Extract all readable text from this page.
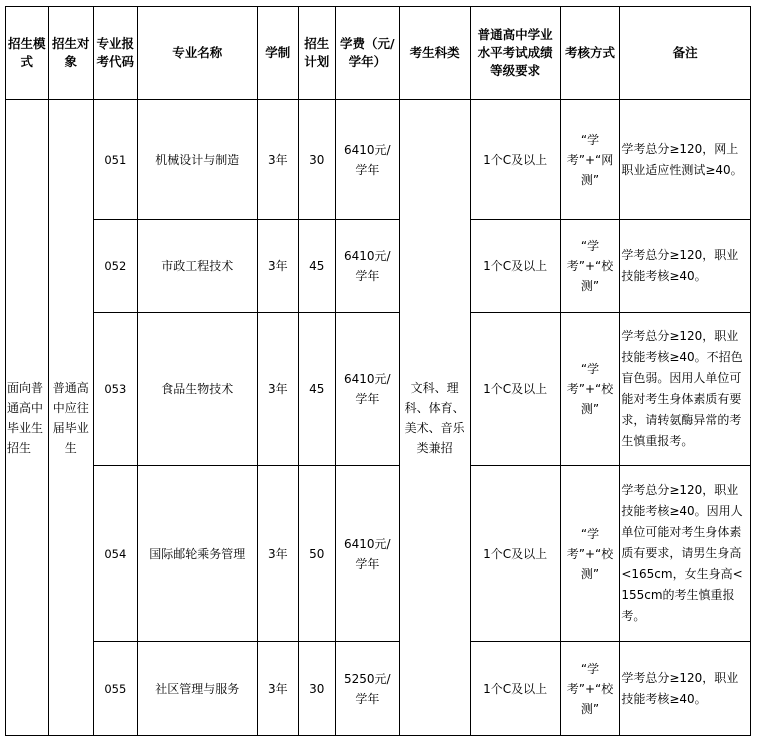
招生模式	招生对象	专业报考代码	专业名称	学制	招生计划	学费（元/学年）	考生科类	普通高中学业水平考试成绩等级要求	考核方式	备注
面向普通高中毕业生招生	普通高中应往届毕业生	051	机械设计与制造	3年	30	6410元/学年	文科、理科、体育、美术、音乐类兼招	1个C及以上	“学考”+“网测”	学考总分≥120，网上职业适应性测试≥40。
		052	市政工程技术	3年	45	6410元/学年		1个C及以上	“学考”+“校测”	学考总分≥120，职业技能考核≥40。
		053	食品生物技术	3年	45	6410元/学年		1个C及以上	“学考”+“校测”	学考总分≥120，职业技能考核≥40。不招色盲色弱。因用人单位可能对考生身体素质有要求，请转氨酶异常的考生慎重报考。
		054	国际邮轮乘务管理	3年	50	6410元/学年		1个C及以上	“学考”+“校测”	学考总分≥120，职业技能考核≥40。因用人单位可能对考生身体素质有要求，请男生身高<165cm，女生身高<155cm的考生慎重报考。
		055	社区管理与服务	3年	30	5250元/学年		1个C及以上	“学考”+“校测”	学考总分≥120，职业技能考核≥40。
